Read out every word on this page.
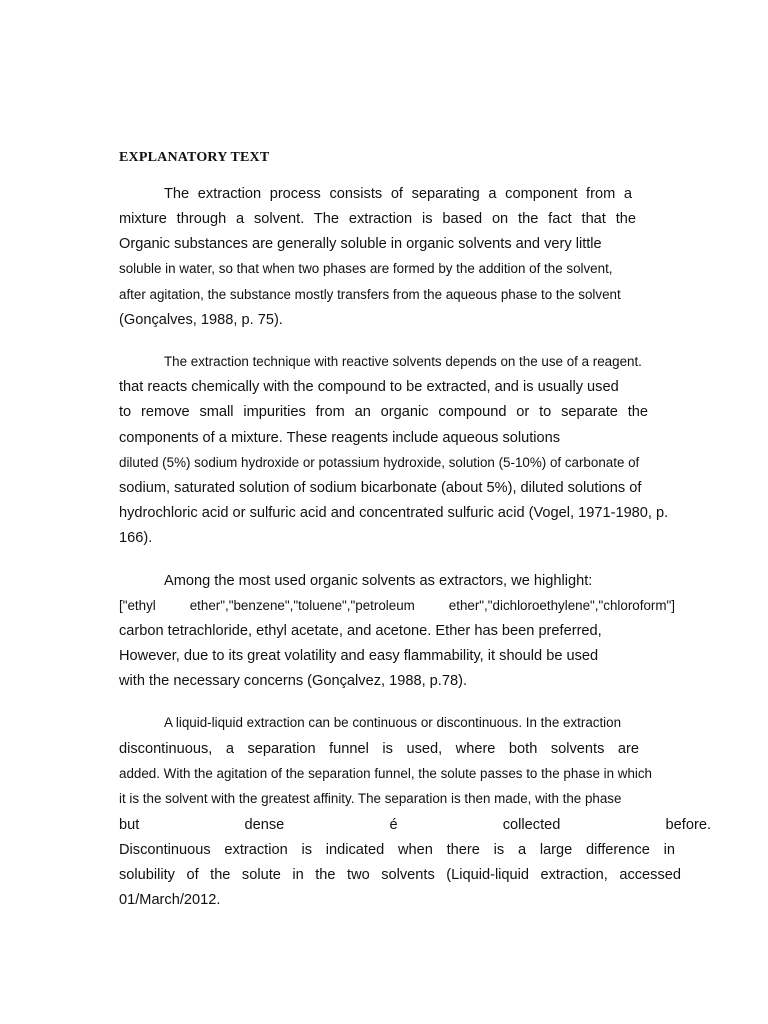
EXPLANATORY TEXT
The extraction process consists of separating a component from a
mixture through a solvent. The extraction is based on the fact that the
Organic substances are generally soluble in organic solvents and very little
soluble in water, so that when two phases are formed by the addition of the solvent,
after agitation, the substance mostly transfers from the aqueous phase to the solvent
(Gonçalves, 1988, p. 75).
The extraction technique with reactive solvents depends on the use of a reagent.
that reacts chemically with the compound to be extracted, and is usually used
to remove small impurities from an organic compound or to separate the
components of a mixture. These reagents include aqueous solutions
diluted (5%) sodium hydroxide or potassium hydroxide, solution (5-10%) of carbonate of
sodium, saturated solution of sodium bicarbonate (about 5%), diluted solutions of
hydrochloric acid or sulfuric acid and concentrated sulfuric acid (Vogel, 1971-1980, p.
166).
Among the most used organic solvents as extractors, we highlight:
["ethyl ether","benzene","toluene","petroleum ether","dichloroethylene","chloroform"]
carbon tetrachloride, ethyl acetate, and acetone. Ether has been preferred,
However, due to its great volatility and easy flammability, it should be used
with the necessary concerns (Gonçalvez, 1988, p.78).
A liquid-liquid extraction can be continuous or discontinuous. In the extraction
discontinuous, a separation funnel is used, where both solvents are
added. With the agitation of the separation funnel, the solute passes to the phase in which
it is the solvent with the greatest affinity. The separation is then made, with the phase
but dense é collected before.
Discontinuous extraction is indicated when there is a large difference in
solubility of the solute in the two solvents (Liquid-liquid extraction, accessed
01/March/2012.
